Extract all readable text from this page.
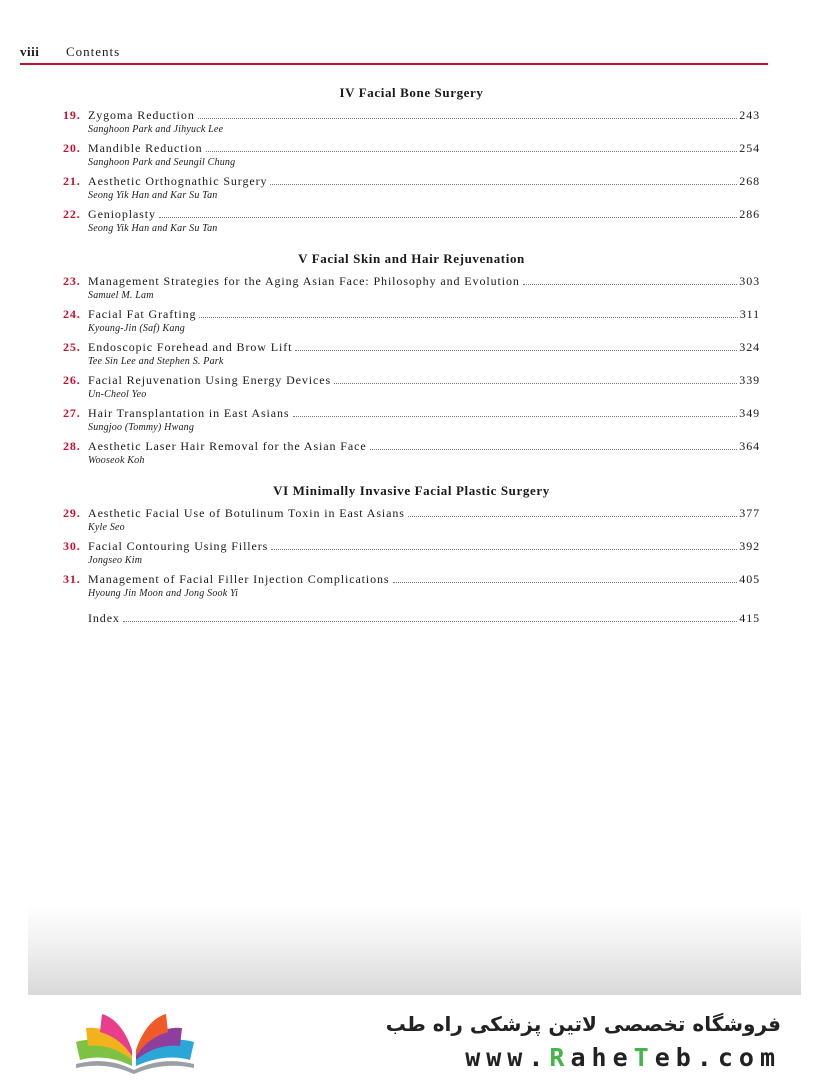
viii Contents
IV Facial Bone Surgery
19. Zygoma Reduction	243
Sanghoon Park and Jihyuck Lee
20. Mandible Reduction	254
Sanghoon Park and Seungil Chung
21. Aesthetic Orthognathic Surgery	268
Seong Yik Han and Kar Su Tan
22. Genioplasty	286
Seong Yik Han and Kar Su Tan
V Facial Skin and Hair Rejuvenation
23. Management Strategies for the Aging Asian Face: Philosophy and Evolution	303
Samuel M. Lam
24. Facial Fat Grafting	311
Kyoung-Jin (Saf) Kang
25. Endoscopic Forehead and Brow Lift	324
Tee Sin Lee and Stephen S. Park
26. Facial Rejuvenation Using Energy Devices	339
Un-Cheol Yeo
27. Hair Transplantation in East Asians	349
Sungjoo (Tommy) Hwang
28. Aesthetic Laser Hair Removal for the Asian Face	364
Wooseok Koh
VI Minimally Invasive Facial Plastic Surgery
29. Aesthetic Facial Use of Botulinum Toxin in East Asians	377
Kyle Seo
30. Facial Contouring Using Fillers	392
Jongseo Kim
31. Management of Facial Filler Injection Complications	405
Hyoung Jin Moon and Jong Sook Yi
Index	415
فروشگاه تخصصی لاتین پزشکی راه طب
www.RaheTeb.com
